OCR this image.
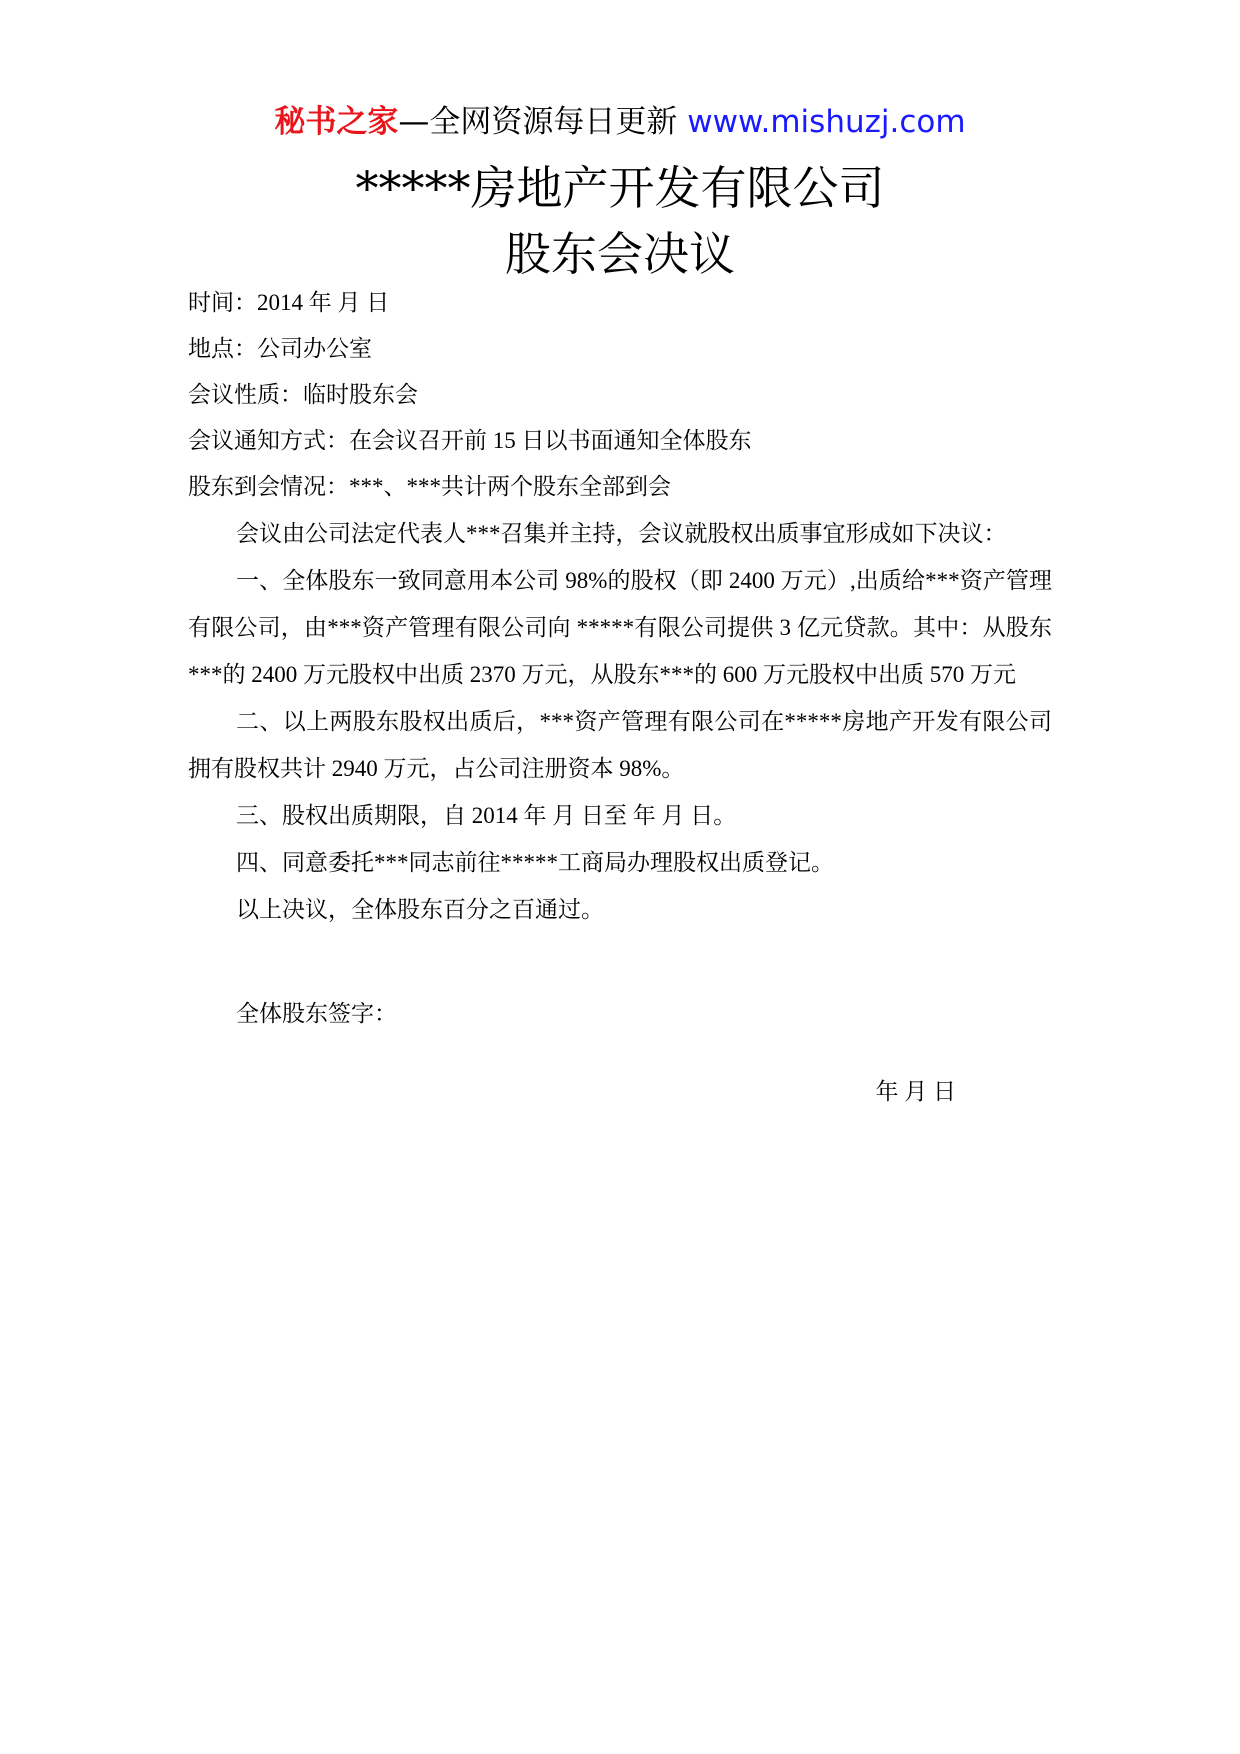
秘书之家—全网资源每日更新 www.mishuzj.com
*****房地产开发有限公司
股东会决议

时间：2014 年 月 日

地点：公司办公室

会议性质：临时股东会

会议通知方式：在会议召开前 15 日以书面通知全体股东

股东到会情况：***、***共计两个股东全部到会

会议由公司法定代表人***召集并主持，会议就股权出质事宜形成如下决议：

一、全体股东一致同意用本公司 98%的股权（即 2400 万元）,出质给***资产管理有限公司，由***资产管理有限公司向 *****有限公司提供 3 亿元贷款。其中：从股东***的 2400 万元股权中出质 2370 万元，从股东***的 600 万元股权中出质 570 万元

二、以上两股东股权出质后，***资产管理有限公司在*****房地产开发有限公司拥有股权共计 2940 万元，占公司注册资本 98%。

三、股权出质期限，自 2014 年 月 日至 年 月 日。

四、同意委托***同志前往*****工商局办理股权出质登记。

以上决议，全体股东百分之百通过。

全体股东签字：

年 月 日
